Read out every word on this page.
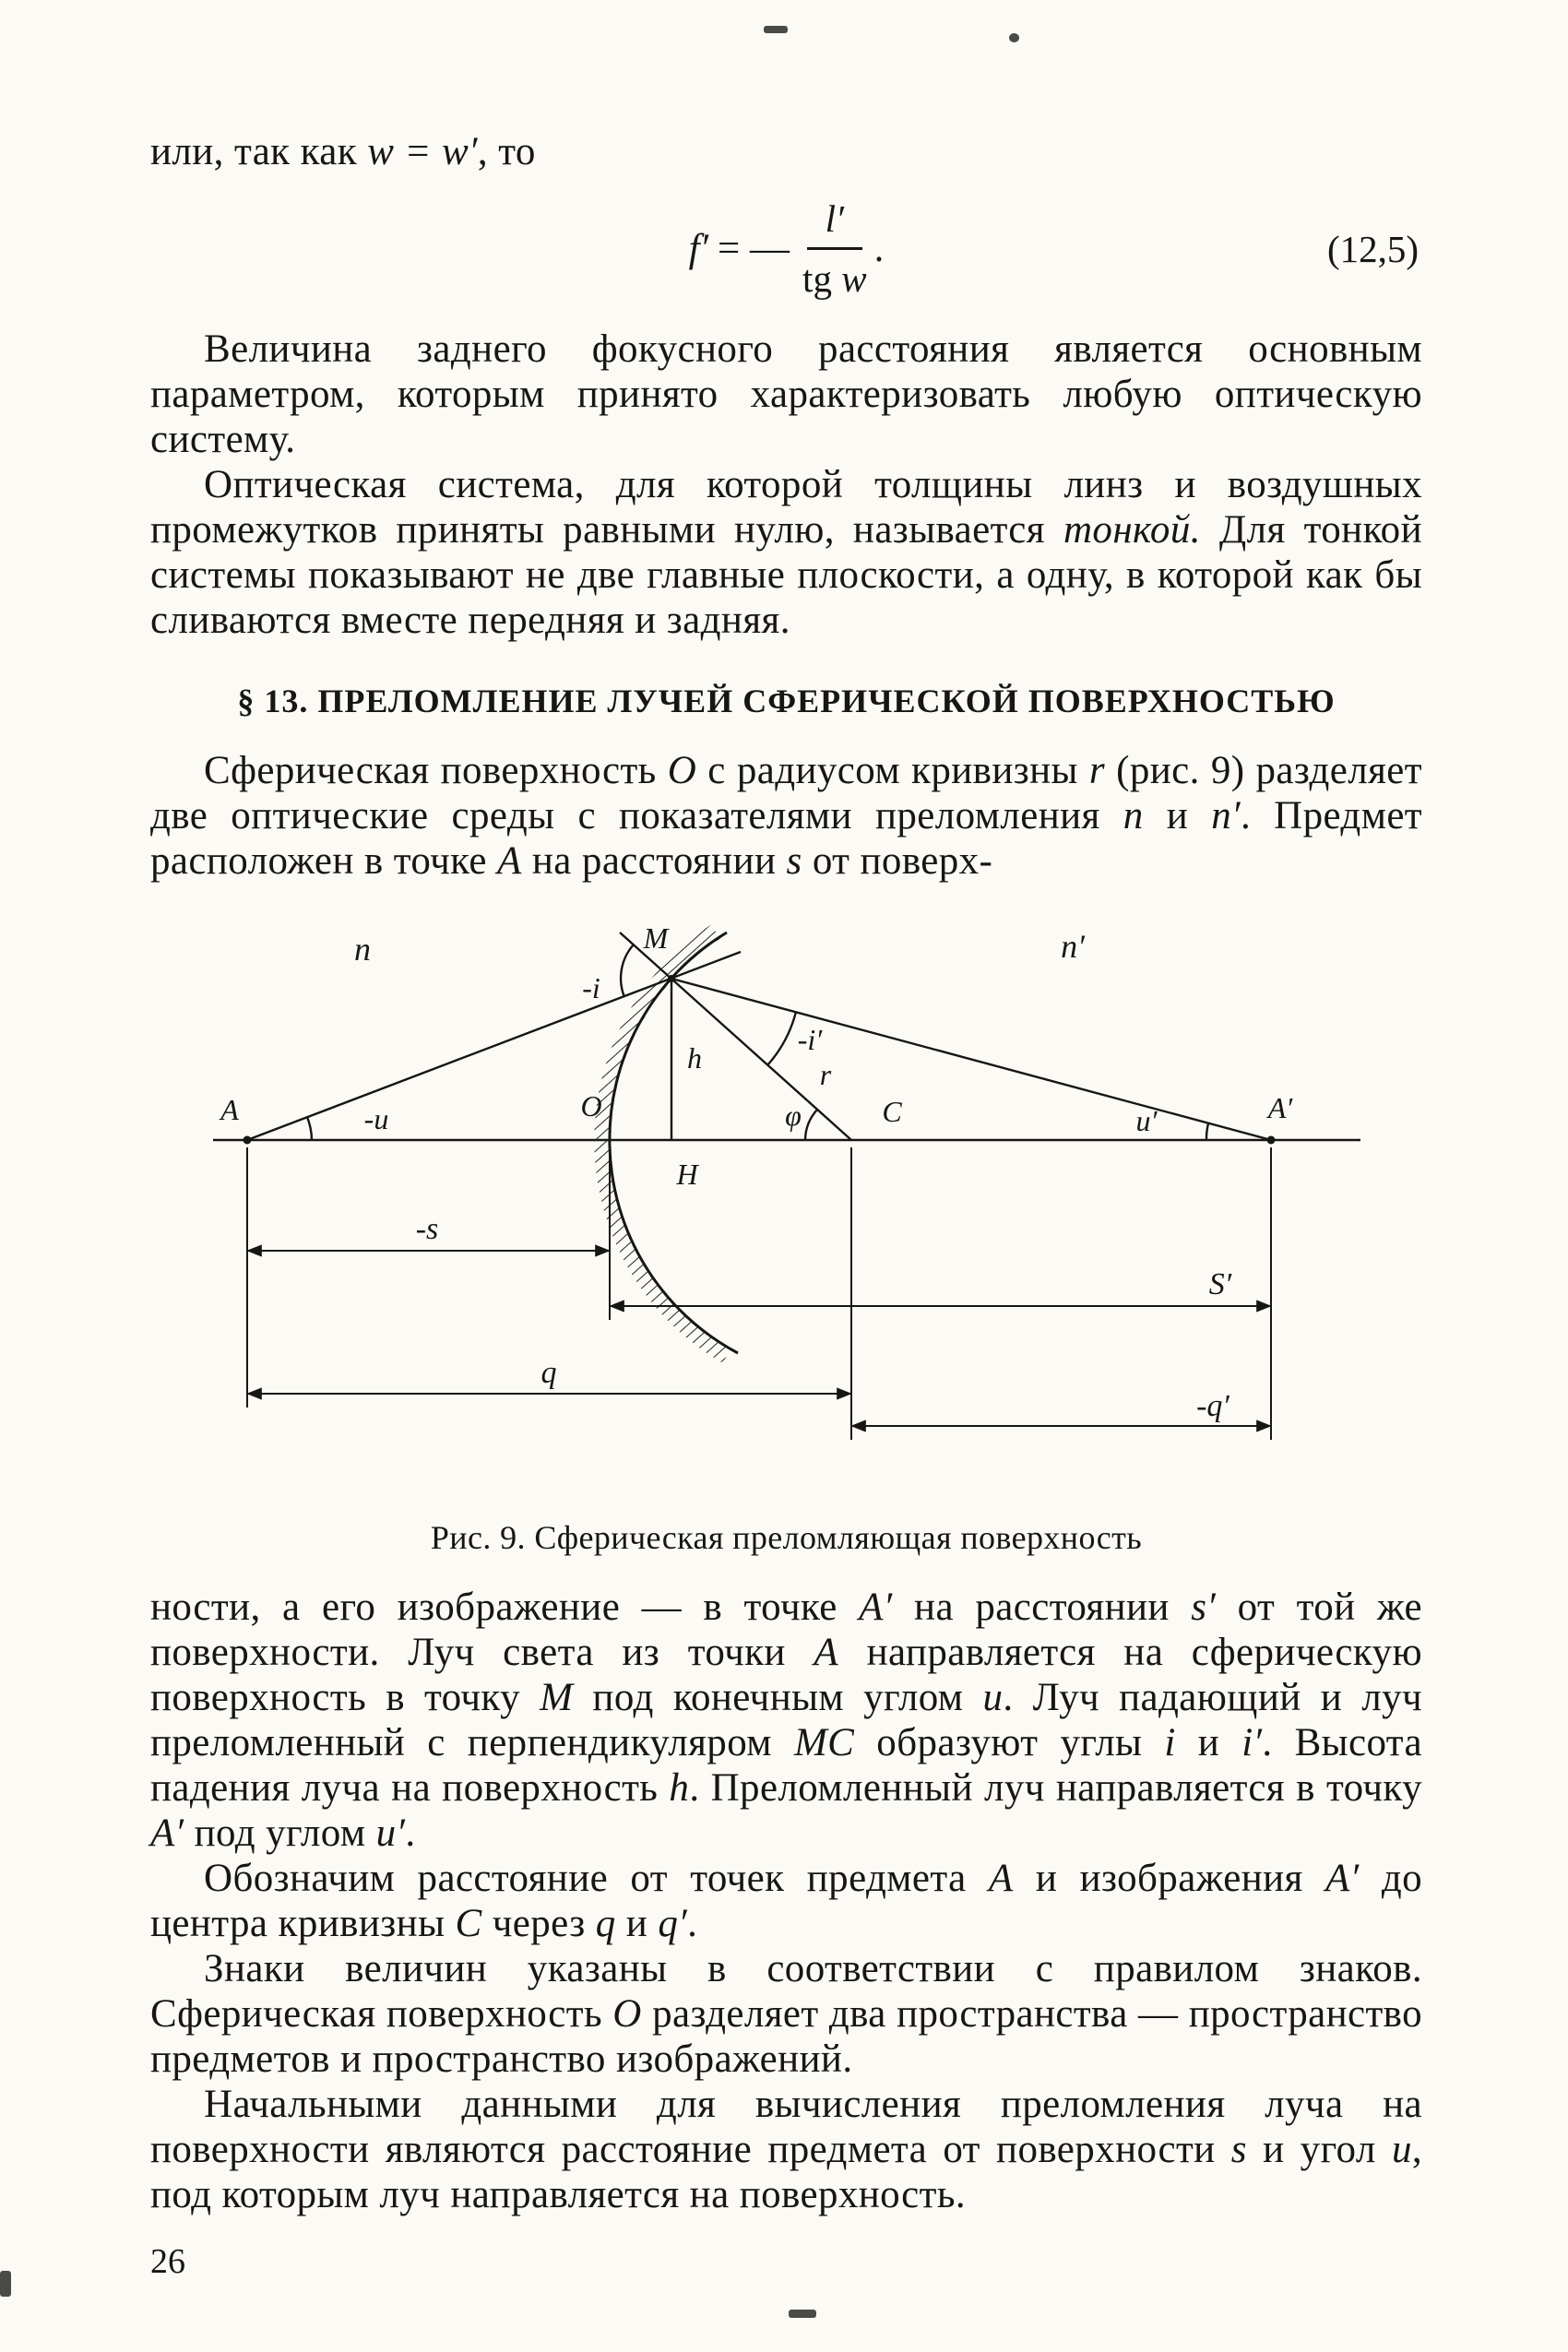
или, так как w = w′, то

f′ = — $\frac{l'}{\text{tg w}}$ .	(12,5)

Величина заднего фокусного расстояния является основным параметром, которым принято характеризовать любую оптическую систему.

Оптическая система, для которой толщины линз и воздушных промежутков приняты равными нулю, называется тонкой. Для тонкой системы показывают не две главные плоскости, а одну, в которой как бы сливаются вместе передняя и задняя.

§ 13. ПРЕЛОМЛЕНИЕ ЛУЧЕЙ СФЕРИЧЕСКОЙ ПОВЕРХНОСТЬЮ

Сферическая поверхность O с радиусом кривизны r (рис. 9) разделяет две оптические среды с показателями преломления n и n′. Предмет расположен в точке A на расстоянии s от поверх-

n	n′
M
-i
-i′
h	r
O
-u	φ	C	u′
A	A′
H
-s
S′
q
-q′
Рис. 9. Сферическая преломляющая поверхность

ности, а его изображение — в точке A′ на расстоянии s′ от той же поверхности. Луч света из точки A направляется на сферическую поверхность в точку M под конечным углом u. Луч падающий и луч преломленный с перпендикуляром MC образуют углы i и i′. Высота падения луча на поверхность h. Преломленный луч направляется в точку A′ под углом u′.

Обозначим расстояние от точек предмета A и изображения A′ до центра кривизны C через q и q′.

Знаки величин указаны в соответствии с правилом знаков. Сферическая поверхность O разделяет два пространства — пространство предметов и пространство изображений.

Начальными данными для вычисления преломления луча на поверхности являются расстояние предмета от поверхности s и угол u, под которым луч направляется на поверхность.

26
